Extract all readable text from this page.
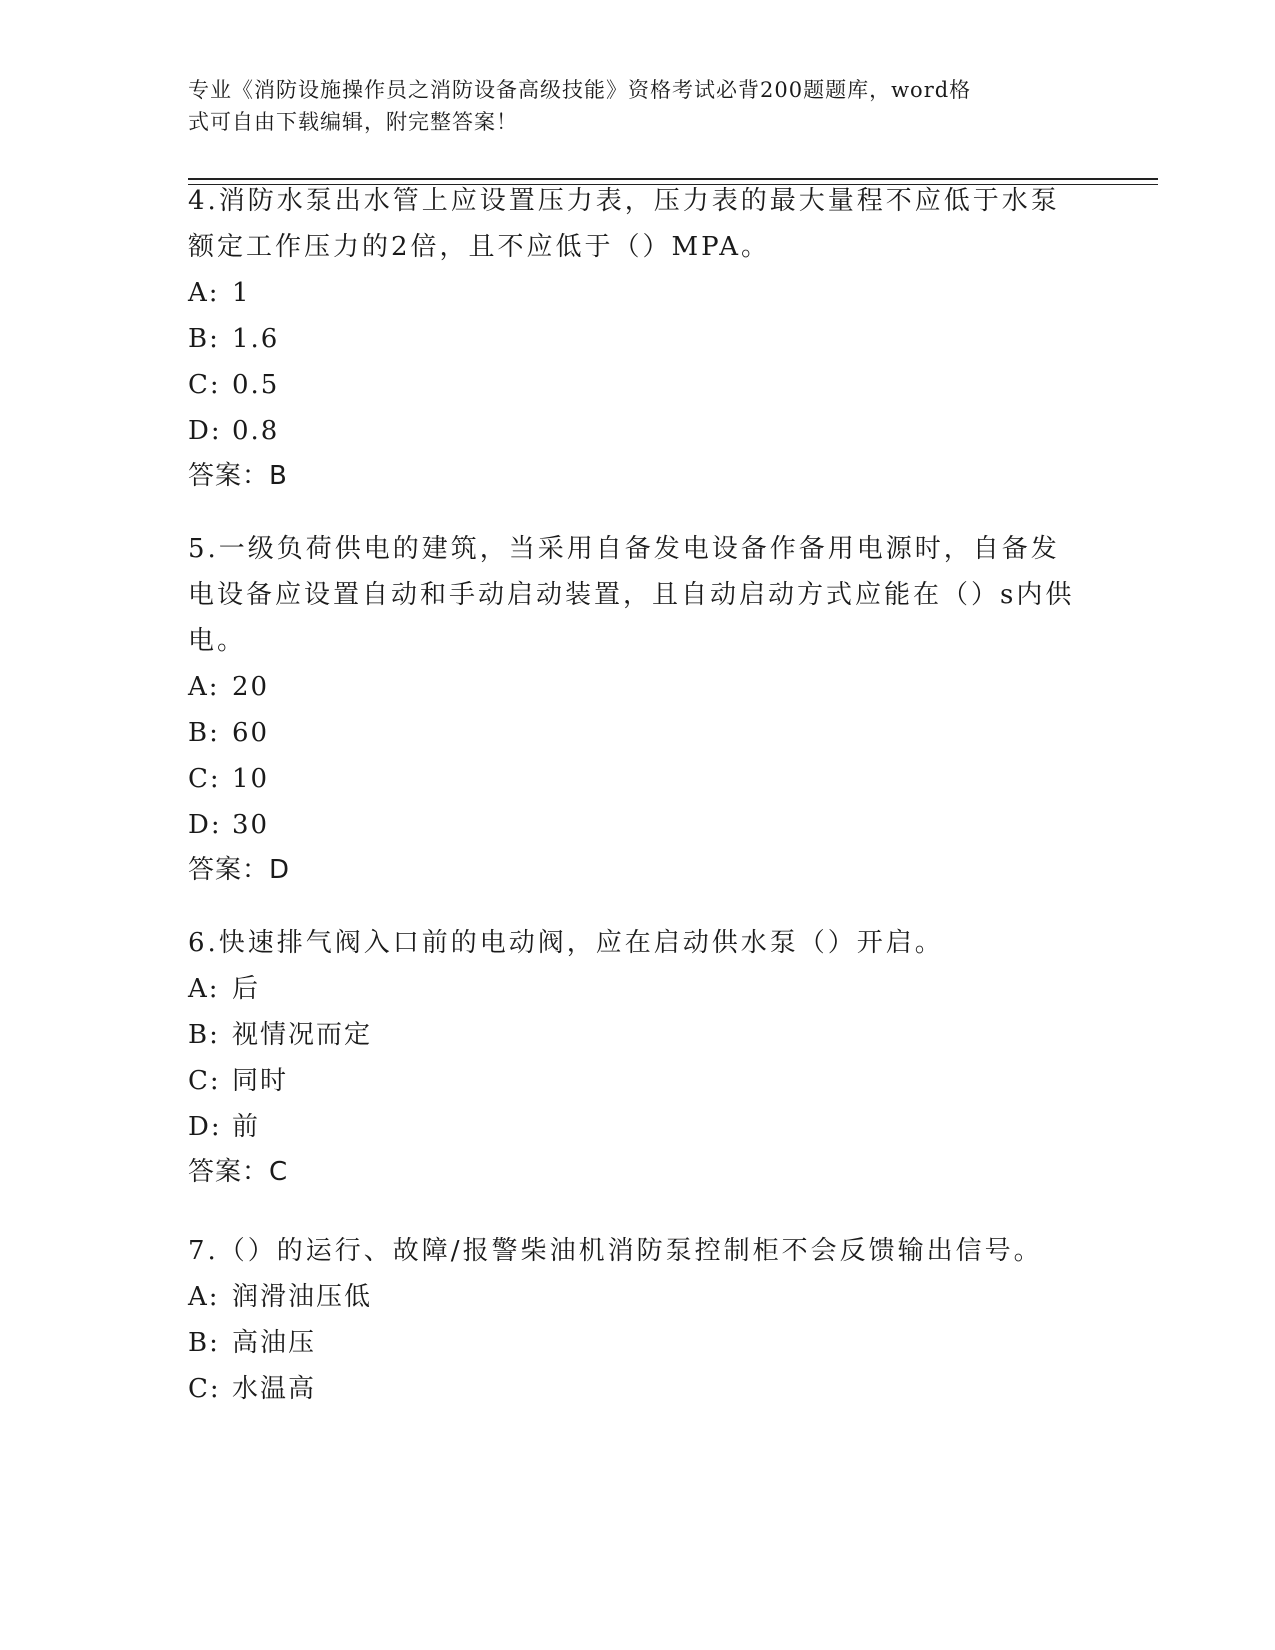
专业《消防设施操作员之消防设备高级技能》资格考试必背200题题库，word格
式可自由下载编辑，附完整答案！
4.消防水泵出水管上应设置压力表，压力表的最大量程不应低于水泵
额定工作压力的2倍，且不应低于（）MPA。
A: 1
B: 1.6
C: 0.5
D: 0.8
答案：B
5.一级负荷供电的建筑，当采用自备发电设备作备用电源时，自备发
电设备应设置自动和手动启动装置，且自动启动方式应能在（）s内供
电。
A: 20
B: 60
C: 10
D: 30
答案：D
6.快速排气阀入口前的电动阀，应在启动供水泵（）开启。
A: 后
B: 视情况而定
C: 同时
D: 前
答案：C
7.（）的运行、故障/报警柴油机消防泵控制柜不会反馈输出信号。
A: 润滑油压低
B: 高油压
C: 水温高
